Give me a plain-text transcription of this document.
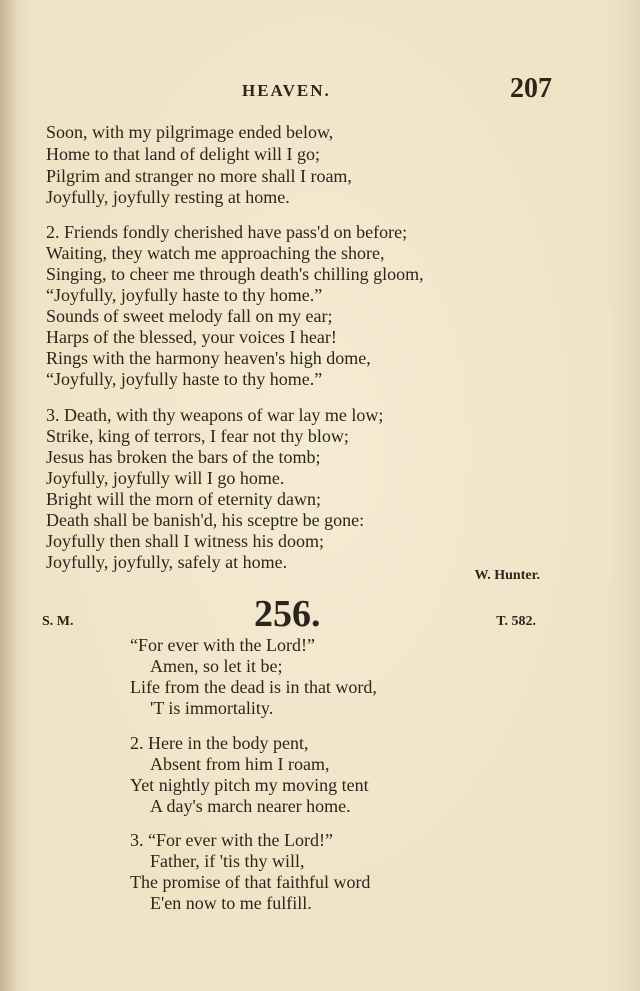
HEAVEN.	207
Soon, with my pilgrimage ended below,
Home to that land of delight will I go;
Pilgrim and stranger no more shall I roam,
Joyfully, joyfully resting at home.
2. Friends fondly cherished have pass'd on before;
Waiting, they watch me approaching the shore,
Singing, to cheer me through death's chilling gloom,
“Joyfully, joyfully haste to thy home.”
Sounds of sweet melody fall on my ear;
Harps of the blessed, your voices I hear!
Rings with the harmony heaven's high dome,
“Joyfully, joyfully haste to thy home.”
3. Death, with thy weapons of war lay me low;
Strike, king of terrors, I fear not thy blow;
Jesus has broken the bars of the tomb;
Joyfully, joyfully will I go home.
Bright will the morn of eternity dawn;
Death shall be banish'd, his sceptre be gone:
Joyfully then shall I witness his doom;
Joyfully, joyfully, safely at home.
W. Hunter.
S. M.	256.	T. 582.
“For ever with the Lord!”
Amen, so let it be;
Life from the dead is in that word,
'T is immortality.
2. Here in the body pent,
Absent from him I roam,
Yet nightly pitch my moving tent
A day's march nearer home.
3. “For ever with the Lord!”
Father, if 'tis thy will,
The promise of that faithful word
E'en now to me fulfill.
